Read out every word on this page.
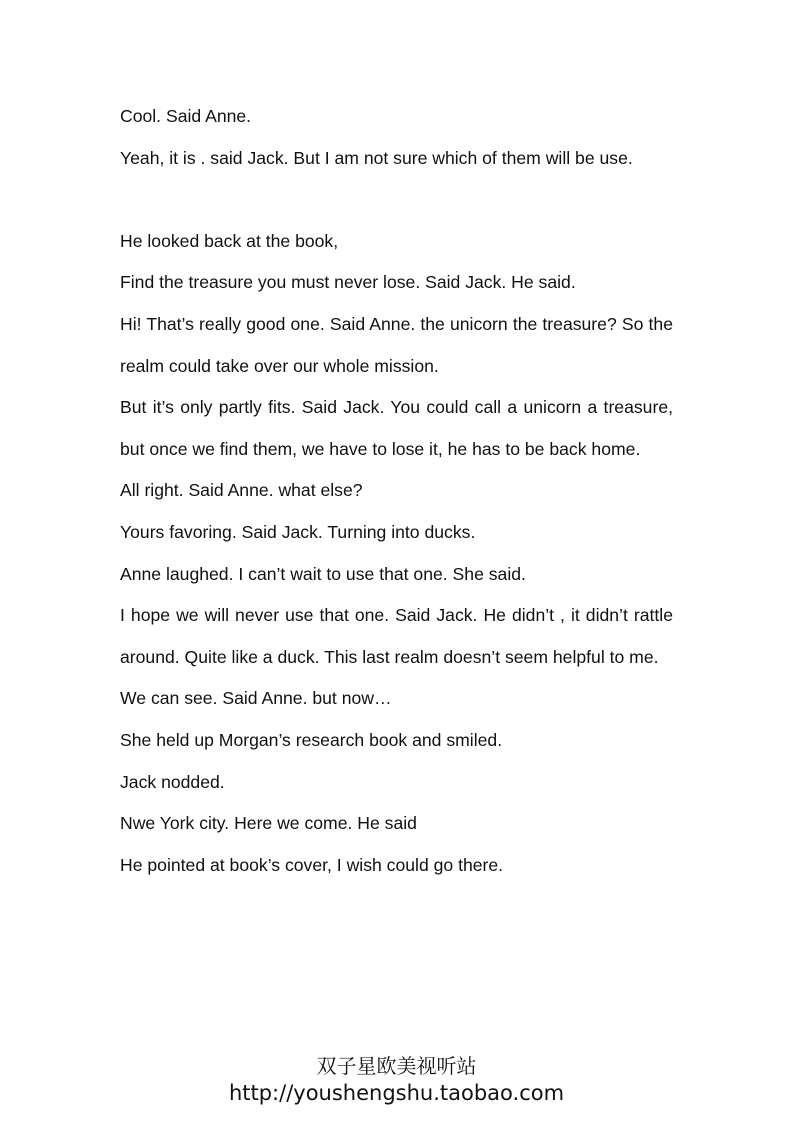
Cool. Said Anne.

Yeah, it is . said Jack. But I am not sure which of them will be use.

He looked back at the book,

Find the treasure you must never lose. Said Jack. He said.

Hi! That’s really good one. Said Anne. the unicorn the treasure? So the realm could take over our whole mission.

But it’s only partly fits. Said Jack. You could call a unicorn a treasure, but once we find them, we have to lose it, he has to be back home.

All right. Said Anne. what else?

Yours favoring. Said Jack. Turning into ducks.

Anne laughed. I can’t wait to use that one. She said.

I hope we will never use that one. Said Jack. He didn’t , it didn’t rattle around. Quite like a duck. This last realm doesn’t seem helpful to me.

We can see. Said Anne. but now…

She held up Morgan’s research book and smiled.

Jack nodded.

Nwe York city. Here we come. He said

He pointed at book’s cover, I wish could go there.

双子星欧美视听站
http://youshengshu.taobao.com
